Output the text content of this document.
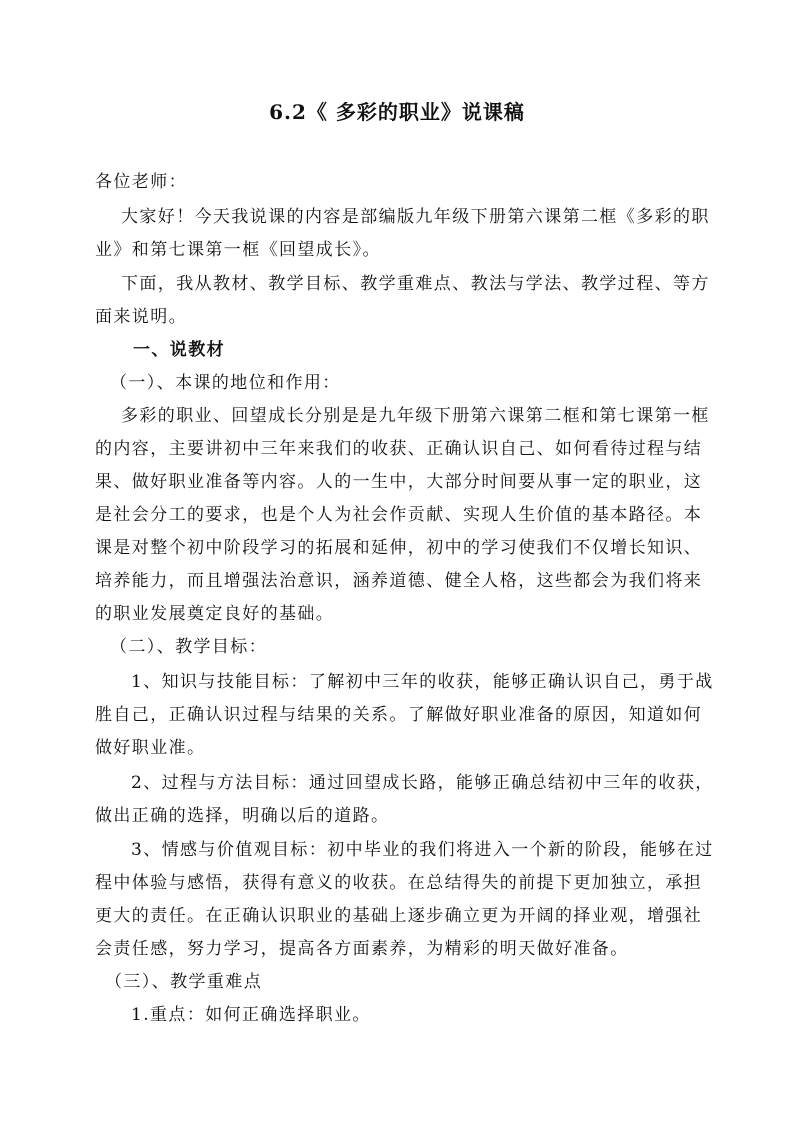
6.2《 多彩的职业》说课稿
各位老师：
大家好！今天我说课的内容是部编版九年级下册第六课第二框《多彩的职
业》和第七课第一框《回望成长》。
下面，我从教材、教学目标、教学重难点、教法与学法、教学过程、等方
面来说明。
一、说教材
（一）、本课的地位和作用：
多彩的职业、回望成长分别是是九年级下册第六课第二框和第七课第一框
的内容，主要讲初中三年来我们的收获、正确认识自己、如何看待过程与结
果、做好职业准备等内容。人的一生中，大部分时间要从事一定的职业，这
是社会分工的要求，也是个人为社会作贡献、实现人生价值的基本路径。本
课是对整个初中阶段学习的拓展和延伸，初中的学习使我们不仅增长知识、
培养能力，而且增强法治意识，涵养道德、健全人格，这些都会为我们将来
的职业发展奠定良好的基础。
（二）、教学目标：
1、知识与技能目标：了解初中三年的收获，能够正确认识自己，勇于战
胜自己，正确认识过程与结果的关系。了解做好职业准备的原因，知道如何
做好职业准。
2、过程与方法目标：通过回望成长路，能够正确总结初中三年的收获，
做出正确的选择，明确以后的道路。
3、情感与价值观目标：初中毕业的我们将进入一个新的阶段，能够在过
程中体验与感悟，获得有意义的收获。在总结得失的前提下更加独立，承担
更大的责任。在正确认识职业的基础上逐步确立更为开阔的择业观，增强社
会责任感，努力学习，提高各方面素养，为精彩的明天做好准备。
（三）、教学重难点
1.重点：如何正确选择职业。
